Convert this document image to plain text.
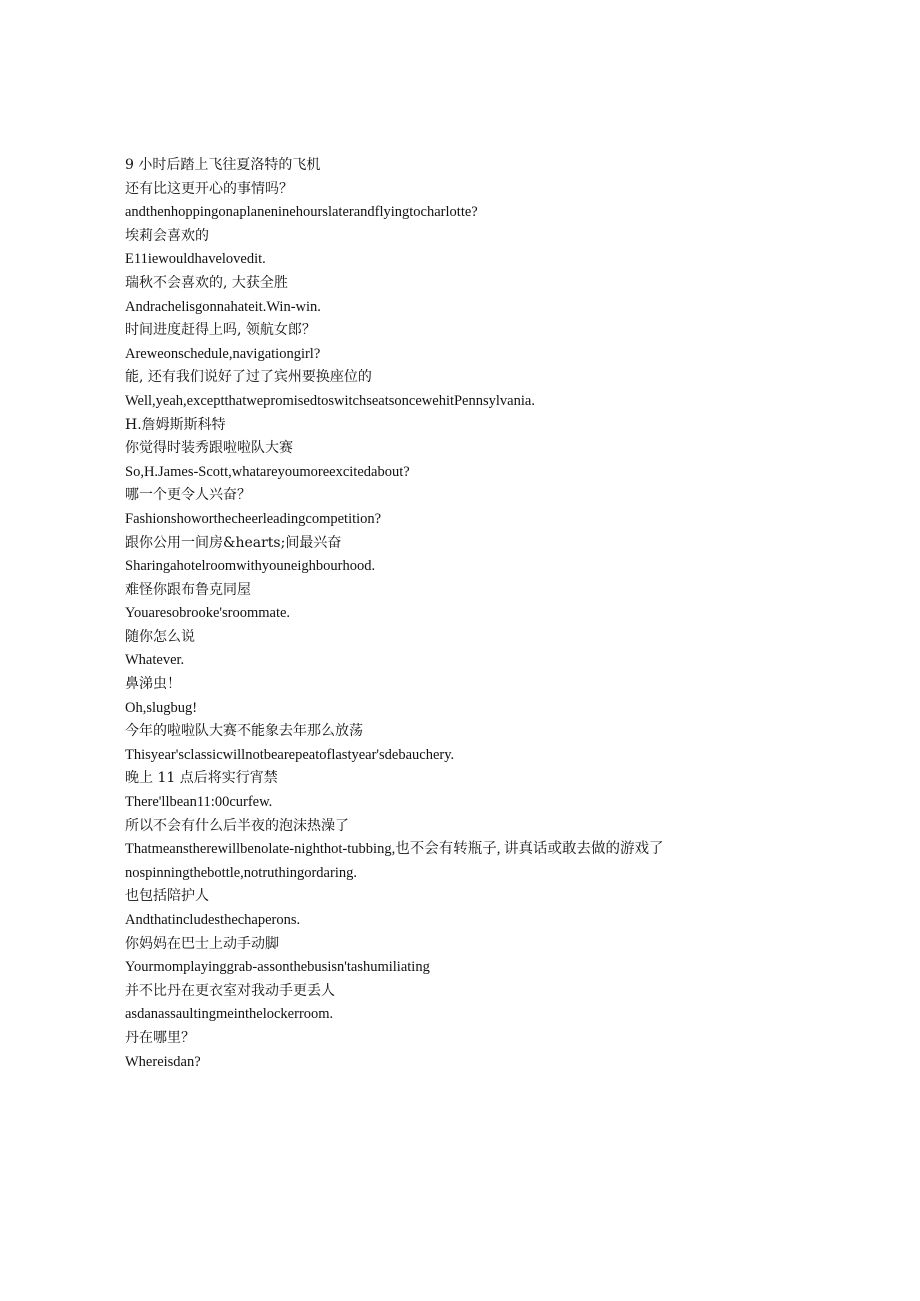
9 小时后踏上飞往夏洛特的飞机

还有比这更开心的事情吗？

andthenhoppingonaplaneninehourslaterandflyingtocharlotte?

埃莉会喜欢的

E11iewouldhavelovedit.

瑞秋不会喜欢的, 大获全胜

Andrachelisgonnahateit.Win-win.

时间进度赶得上吗, 领航女郎？

Areweonschedule,navigationgirl?

能, 还有我们说好了过了宾州要换座位的

Well,yeah,exceptthatwepromisedtoswitchseatsoncewehitPennsylvania.

H.詹姆斯斯科特

你觉得时装秀跟啦啦队大赛

So,H.James-Scott,whatareyoumoreexcitedabout?

哪一个更令人兴奋？

Fashionshoworthecheerleadingcompetition?

跟你公用一间房&hearts;间最兴奋

Sharingahotelroomwithyouneighbourhood.

难怪你跟布鲁克同屋

Youaresobrooke'sroommate.

随你怎么说

Whatever.

鼻涕虫！

Oh,slugbug!

今年的啦啦队大赛不能象去年那么放荡

Thisyear'sclassicwillnotbearepeatoflastyear'sdebauchery.

晚上 11 点后将实行宵禁

There'llbean11:00curfew.

所以不会有什么后半夜的泡沫热澡了

Thatmeanstherewillbenolate-nighthot-tubbing,也不会有转瓶子, 讲真话或敢去做的游戏了

nospinningthebottle,notruthingordaring.

也包括陪护人

Andthatincludesthechaperons.

你妈妈在巴士上动手动脚

Yourmomplayinggrab-assonthebusisn'tashumiliating

并不比丹在更衣室对我动手更丢人

asdanassaultingmeinthelockerroom.

丹在哪里？

Whereisdan?
